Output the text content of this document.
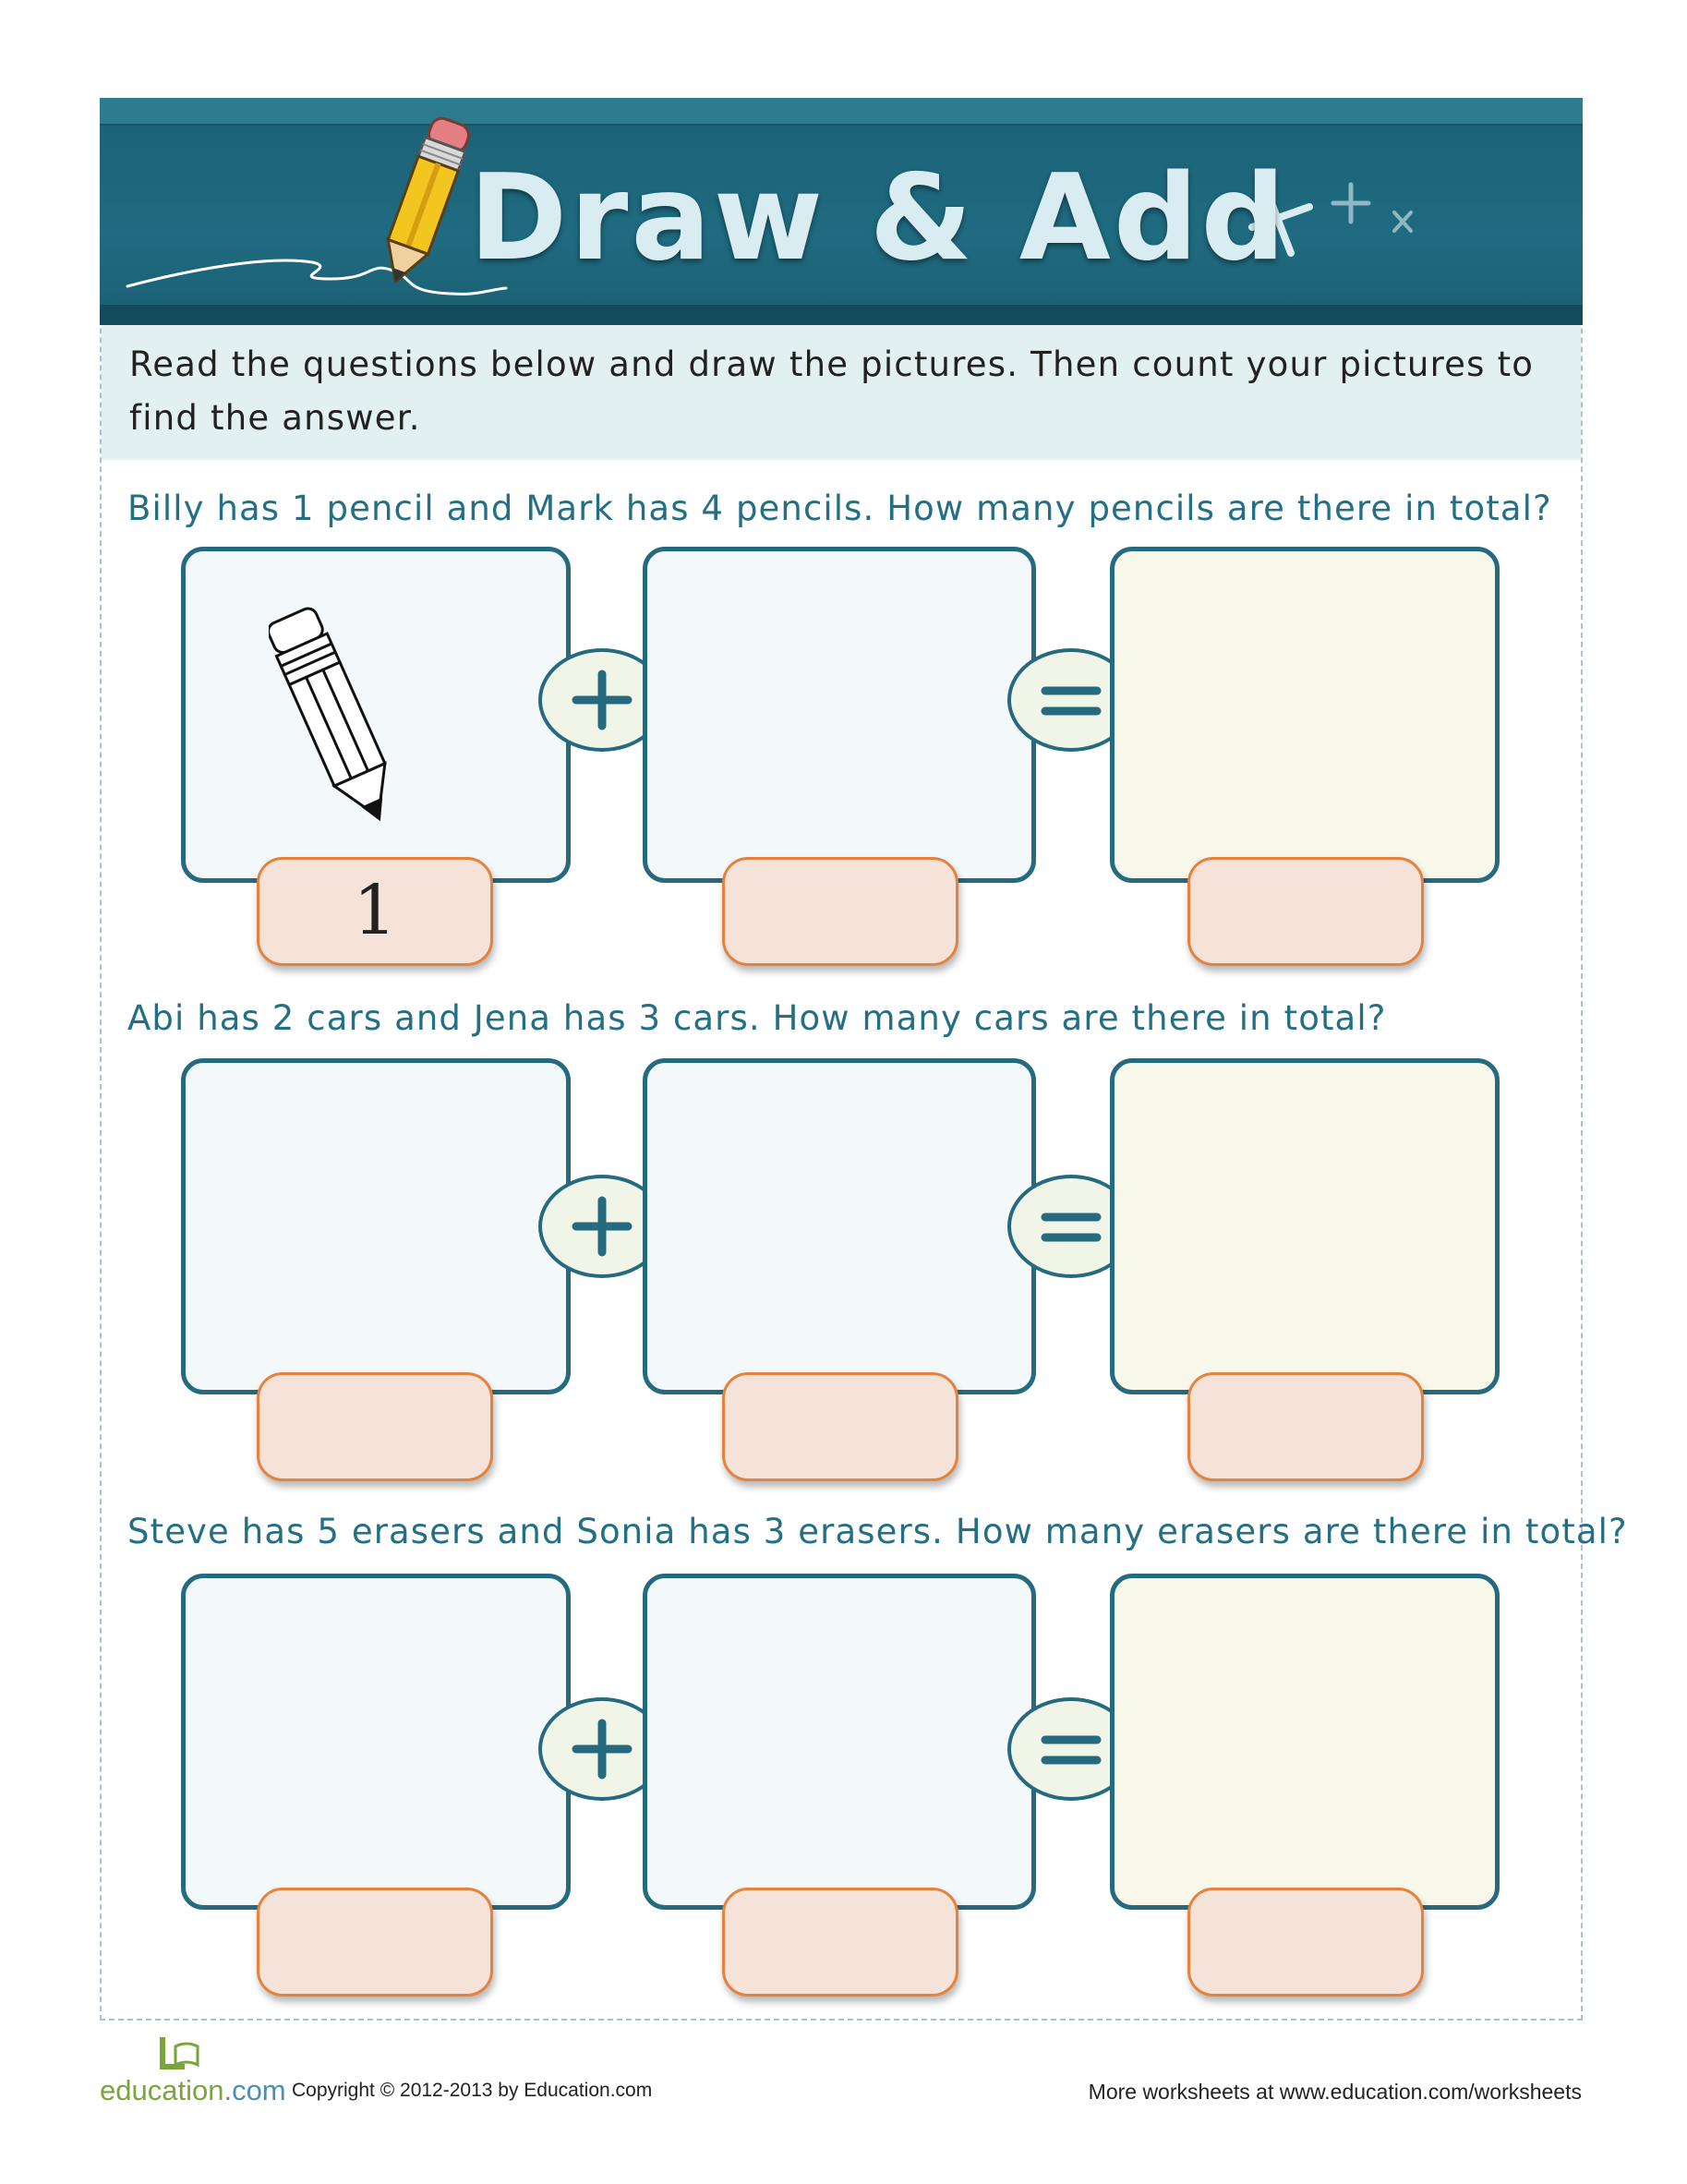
Draw & Add
Read the questions below and draw the pictures. Then count your pictures to find the answer.
Billy has 1 pencil and Mark has 4 pencils. How many pencils are there in total?
1
Abi has 2 cars and Jena has 3 cars. How many cars are there in total?
Steve has 5 erasers and Sonia has 3 erasers. How many erasers are there in total?
education.com Copyright © 2012-2013 by Education.com	More worksheets at www.education.com/worksheets
